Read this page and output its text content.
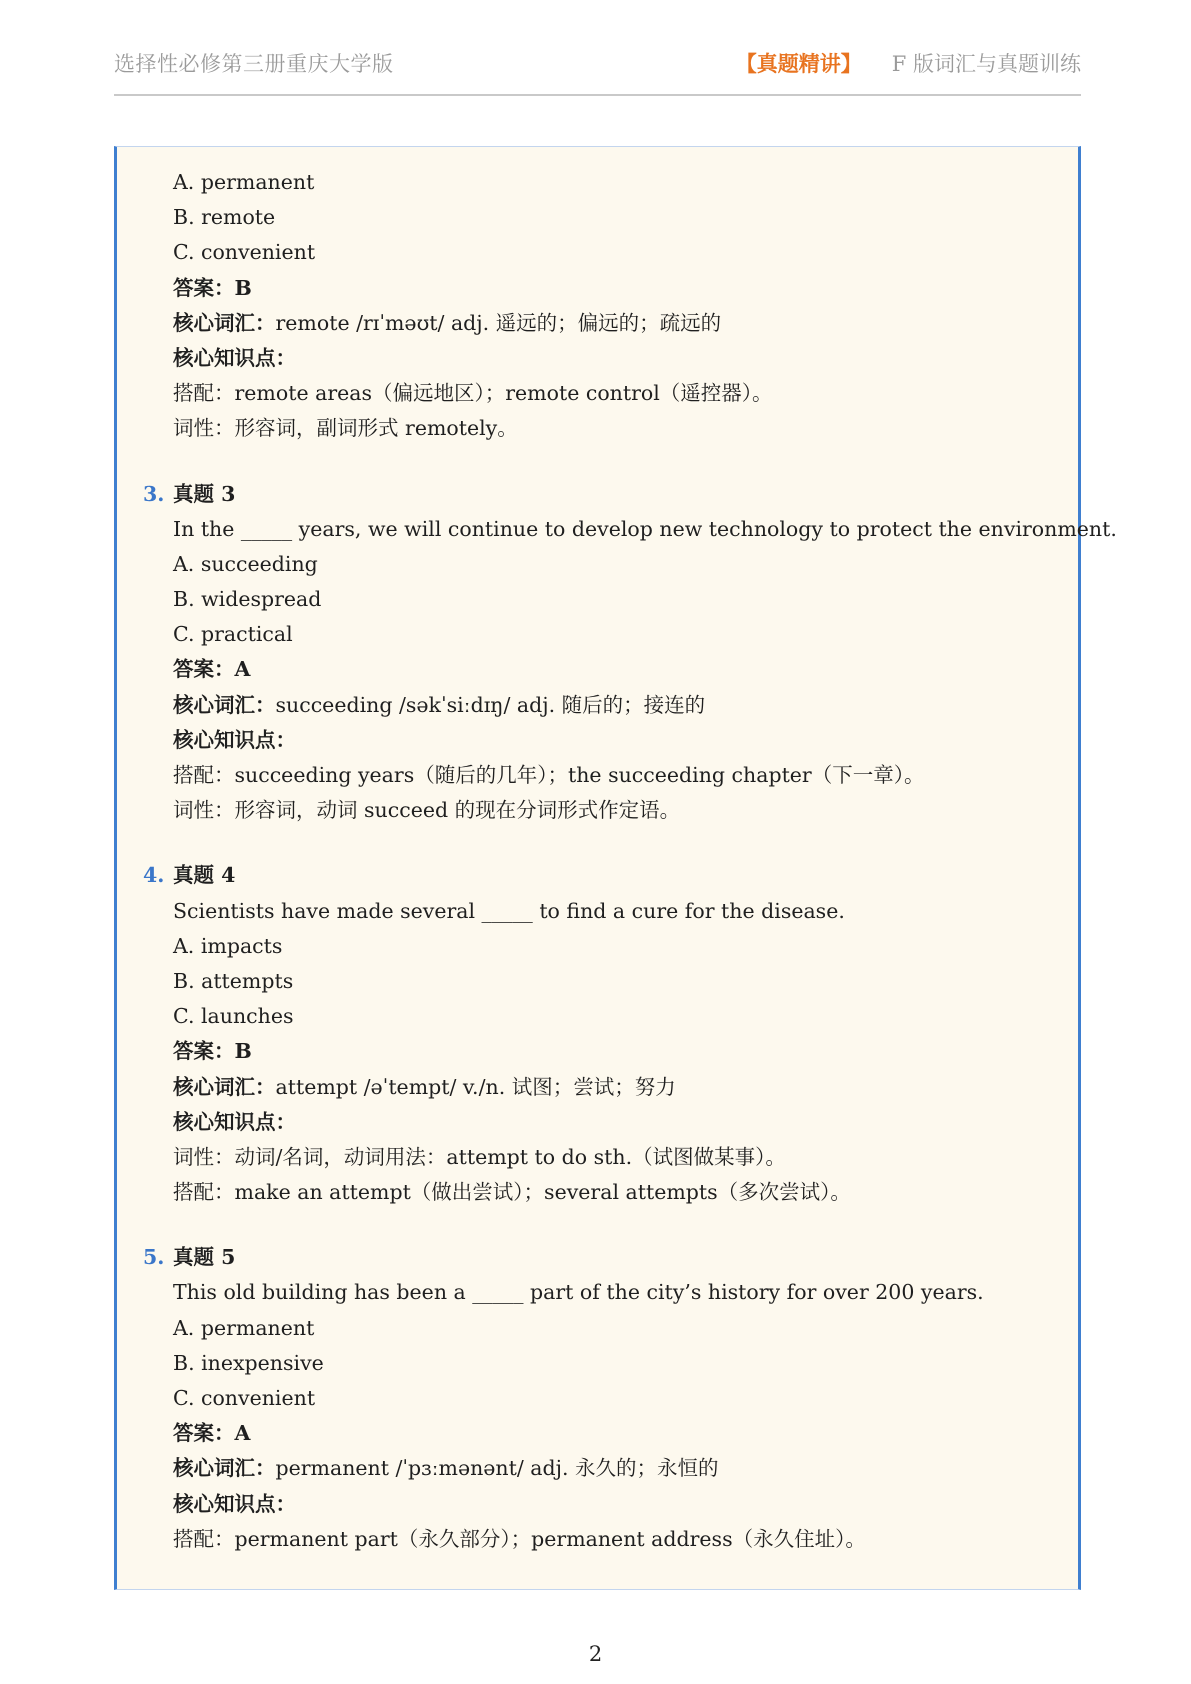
选择性必修第三册重庆大学版	【真题精讲】 F 版词汇与真题训练
A. permanent
B. remote
C. convenient
答案：B
核心词汇：remote /rɪˈməʊt/ adj. 遥远的；偏远的；疏远的
核心知识点：
搭配：remote areas（偏远地区）；remote control（遥控器）。
词性：形容词，副词形式 remotely。
3. 真题 3
In the _____ years, we will continue to develop new technology to protect the environment.
A. succeeding
B. widespread
C. practical
答案：A
核心词汇：succeeding /səkˈsiːdɪŋ/ adj. 随后的；接连的
核心知识点：
搭配：succeeding years（随后的几年）；the succeeding chapter（下一章）。
词性：形容词，动词 succeed 的现在分词形式作定语。
4. 真题 4
Scientists have made several _____ to find a cure for the disease.
A. impacts
B. attempts
C. launches
答案：B
核心词汇：attempt /əˈtempt/ v./n. 试图；尝试；努力
核心知识点：
词性：动词/名词，动词用法：attempt to do sth.（试图做某事）。
搭配：make an attempt（做出尝试）；several attempts（多次尝试）。
5. 真题 5
This old building has been a _____ part of the city’s history for over 200 years.
A. permanent
B. inexpensive
C. convenient
答案：A
核心词汇：permanent /ˈpɜːmənənt/ adj. 永久的；永恒的
核心知识点：
搭配：permanent part（永久部分）；permanent address（永久住址）。
2
